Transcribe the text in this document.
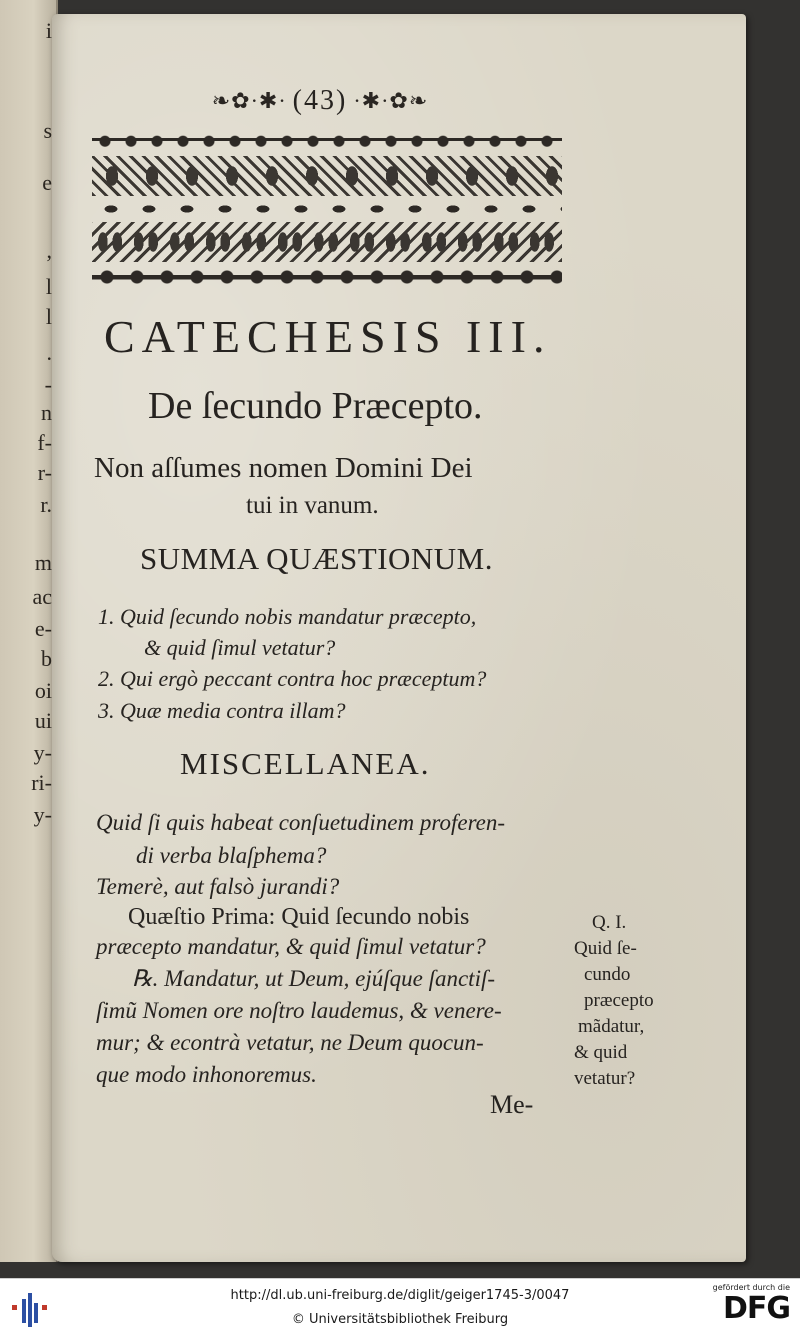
i
s
e
,
l
l
.
-
n
f-
r-
r.
m
ac
e-
b
oi
ui
y-
ri-
y-
❧✿·✱· (43) ·✱·✿❧
CATECHESIS III.
De ſecundo Præcepto.
Non aſſumes nomen Domini Dei
tui in vanum.
SUMMA QUÆSTIONUM.
1. Quid ſecundo nobis mandatur præcepto,
& quid ſimul vetatur?
2. Qui ergò peccant contra hoc præceptum?
3. Quæ media contra illam?
MISCELLANEA.
Quid ſi quis habeat conſuetudinem proferen-
di verba blaſphema?
Temerè, aut falsò jurandi?
Quæſtio Prima: Quid ſecundo nobis
præcepto mandatur, & quid ſimul vetatur?
℞. Mandatur, ut Deum, ejúſque ſanctiſ-
ſimũ Nomen ore noſtro laudemus, & venere-
mur; & econtrà vetatur, ne Deum quocun-
que modo inhonoremus.
Q. I.
Quid ſe-
cundo
præcepto
mãdatur,
& quid
vetatur?
Me-
http://dl.ub.uni-freiburg.de/diglit/geiger1745-3/0047
© Universitätsbibliothek Freiburg
gefördert durch die
DFG
